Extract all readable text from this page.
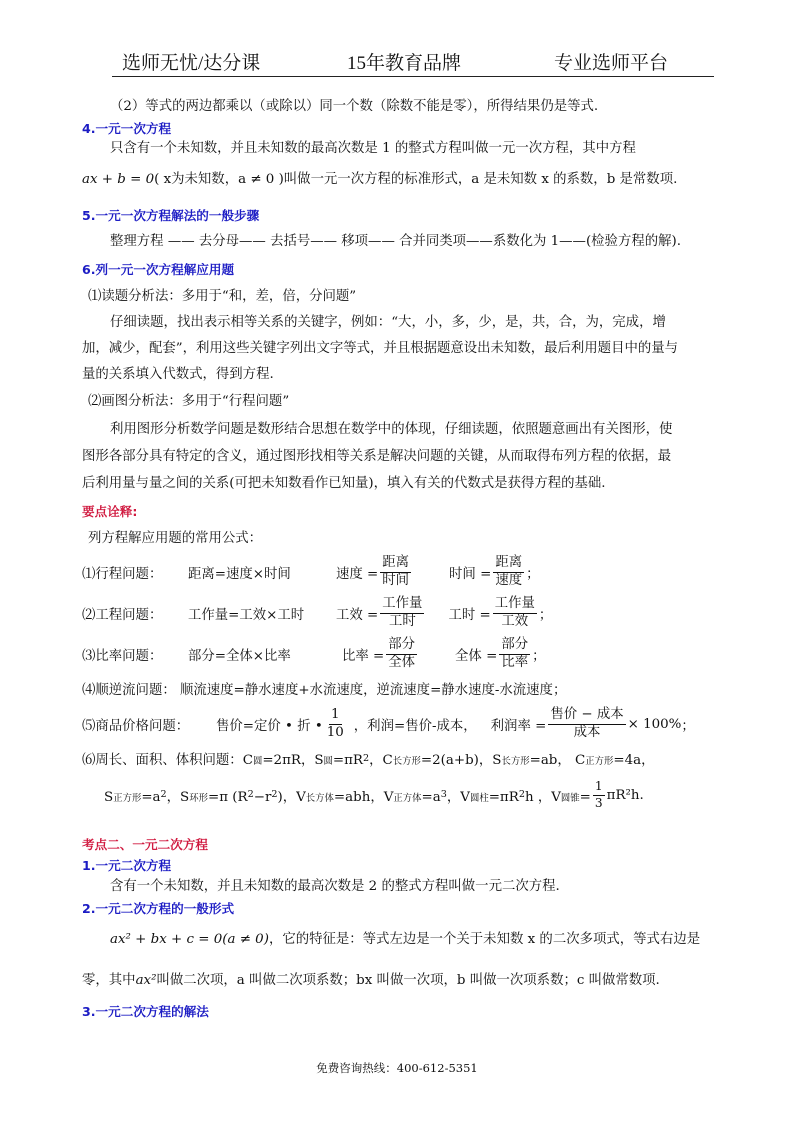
选师无忧/达分课	15年教育品牌	专业选师平台
（2）等式的两边都乘以（或除以）同一个数（除数不能是零），所得结果仍是等式.
4.一元一次方程
只含有一个未知数，并且未知数的最高次数是 1 的整式方程叫做一元一次方程，其中方程
ax + b = 0( x为未知数，a ≠ 0 )叫做一元一次方程的标准形式，a 是未知数 x 的系数，b 是常数项.
5.一元一次方程解法的一般步骤
整理方程 —— 去分母—— 去括号—— 移项—— 合并同类项——系数化为 1——(检验方程的解).
6.列一元一次方程解应用题
⑴读题分析法：多用于“和，差，倍，分问题”
仔细读题，找出表示相等关系的关键字，例如：“大，小，多，少，是，共，合，为，完成，增
加，减少，配套”，利用这些关键字列出文字等式，并且根据题意设出未知数，最后利用题目中的量与
量的关系填入代数式，得到方程.
⑵画图分析法：多用于“行程问题”
利用图形分析数学问题是数形结合思想在数学中的体现，仔细读题，依照题意画出有关图形，使
图形各部分具有特定的含义，通过图形找相等关系是解决问题的关键，从而取得布列方程的依据，最
后利用量与量之间的关系(可把未知数看作已知量)，填入有关的代数式是获得方程的基础.
要点诠释:
列方程解应用题的常用公式：
⑴行程问题：	距离=速度×时间	速度 = $\frac{\text{距离}}{\text{时间}}$	时间 = $\frac{\text{距离}}{\text{速度}}$ ；
⑵工程问题：	工作量=工效×工时	工效 = $\frac{\text{工作量}}{\text{工时}}$ 工时 = $\frac{\text{工作量}}{\text{工效}}$ ；
⑶比率问题：	部分=全体×比率	比率 = $\frac{\text{部分}}{\text{全体}}$	全体 = $\frac{\text{部分}}{\text{比率}}$ ；
⑷顺逆流问题： 顺流速度=静水速度+水流速度，逆流速度=静水速度-水流速度；
⑸商品价格问题：	售价=定价 • 折 • $\frac{1}{10}$ ，利润=售价-成本， 利润率 = $\frac{\text{售价 − 成本}}{\text{成本}} \times 100\%$ ；
⑹周长、面积、体积问题：C圆=2πR，S圆$=\pi R^2$，C长方形=2(a+b)，S长方形=ab， C正方形=4a，
S正方形$=a^2$，S环形=π $(R^2-r^2)$，V长方体=abh，V正方体$=a^3$，V圆柱$=\pi R^2h$ ，V圆锥= $\frac{1}{3} \pi R^2h$.
考点二、一元二次方程
1.一元二次方程
含有一个未知数，并且未知数的最高次数是 2 的整式方程叫做一元二次方程.
2.一元二次方程的一般形式
ax² + bx + c = 0(a ≠ 0)，它的特征是：等式左边是一个关于未知数 x 的二次多项式，等式右边是
零，其中ax²叫做二次项，a 叫做二次项系数；bx 叫做一次项，b 叫做一次项系数；c 叫做常数项.
3.一元二次方程的解法
免费咨询热线：400-612-5351
